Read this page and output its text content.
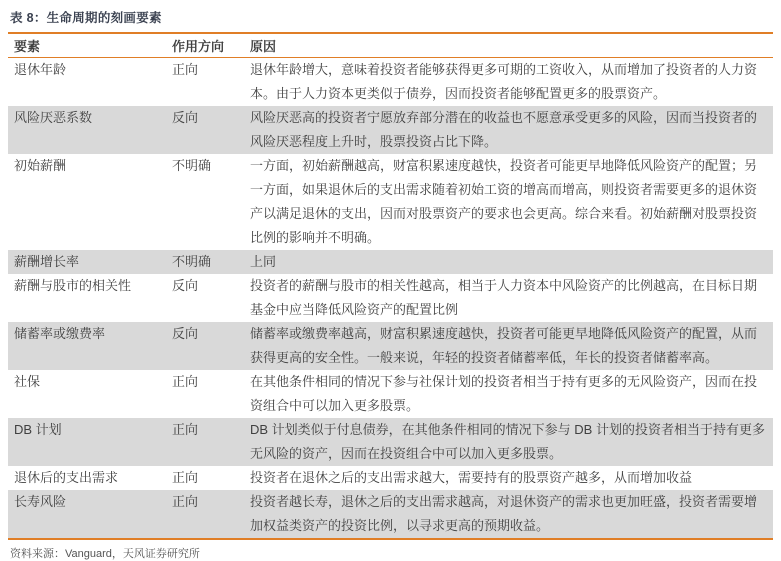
表 8：生命周期的刻画要素
要素	作用方向	原因
退休年龄	正向	退休年龄增大，意味着投资者能够获得更多可期的工资收入，从而增加了投资者的人力资本。由于人力资本更类似于债券，因而投资者能够配置更多的股票资产。
风险厌恶系数	反向	风险厌恶高的投资者宁愿放弃部分潜在的收益也不愿意承受更多的风险，因而当投资者的风险厌恶程度上升时，股票投资占比下降。
初始薪酬	不明确	一方面，初始薪酬越高，财富积累速度越快，投资者可能更早地降低风险资产的配置；另一方面，如果退休后的支出需求随着初始工资的增高而增高，则投资者需要更多的退休资产以满足退休的支出，因而对股票资产的要求也会更高。综合来看。初始薪酬对股票投资比例的影响并不明确。
薪酬增长率	不明确	上同
薪酬与股市的相关性	反向	投资者的薪酬与股市的相关性越高，相当于人力资本中风险资产的比例越高，在目标日期基金中应当降低风险资产的配置比例
储蓄率或缴费率	反向	储蓄率或缴费率越高，财富积累速度越快，投资者可能更早地降低风险资产的配置，从而获得更高的安全性。一般来说，年轻的投资者储蓄率低，年长的投资者储蓄率高。
社保	正向	在其他条件相同的情况下参与社保计划的投资者相当于持有更多的无风险资产，因而在投资组合中可以加入更多股票。
DB 计划	正向	DB 计划类似于付息债券，在其他条件相同的情况下参与 DB 计划的投资者相当于持有更多无风险的资产，因而在投资组合中可以加入更多股票。
退休后的支出需求	正向	投资者在退休之后的支出需求越大，需要持有的股票资产越多，从而增加收益
长寿风险	正向	投资者越长寿，退休之后的支出需求越高，对退休资产的需求也更加旺盛，投资者需要增加权益类资产的投资比例，以寻求更高的预期收益。
资料来源：Vanguard，天风证券研究所
